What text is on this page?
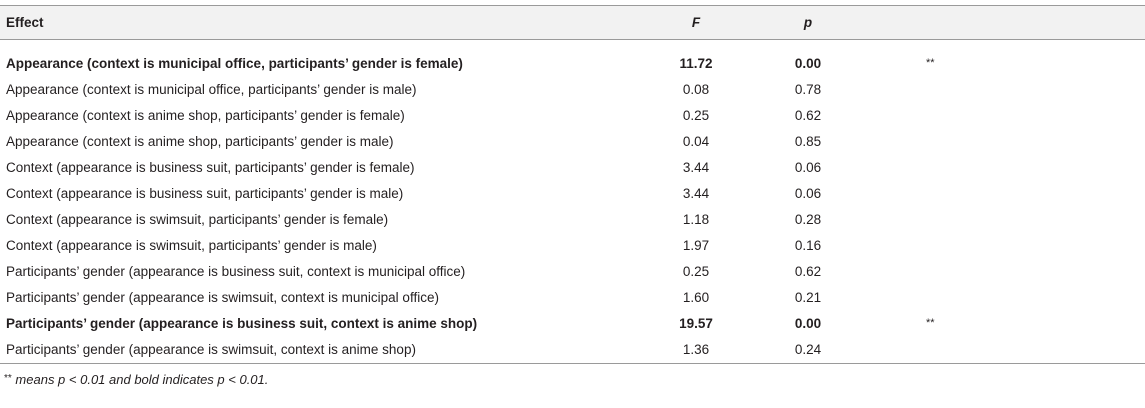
Effect	F	p	

Appearance (context is municipal office, participants’ gender is female)	11.72	0.00	**
Appearance (context is municipal office, participants’ gender is male)	0.08	0.78	
Appearance (context is anime shop, participants’ gender is female)	0.25	0.62	
Appearance (context is anime shop, participants’ gender is male)	0.04	0.85	
Context (appearance is business suit, participants’ gender is female)	3.44	0.06	
Context (appearance is business suit, participants’ gender is male)	3.44	0.06	
Context (appearance is swimsuit, participants’ gender is female)	1.18	0.28	
Context (appearance is swimsuit, participants’ gender is male)	1.97	0.16	
Participants’ gender (appearance is business suit, context is municipal office)	0.25	0.62	
Participants’ gender (appearance is swimsuit, context is municipal office)	1.60	0.21	
Participants’ gender (appearance is business suit, context is anime shop)	19.57	0.00	**
Participants’ gender (appearance is swimsuit, context is anime shop)	1.36	0.24	
** means p < 0.01 and bold indicates p < 0.01.
